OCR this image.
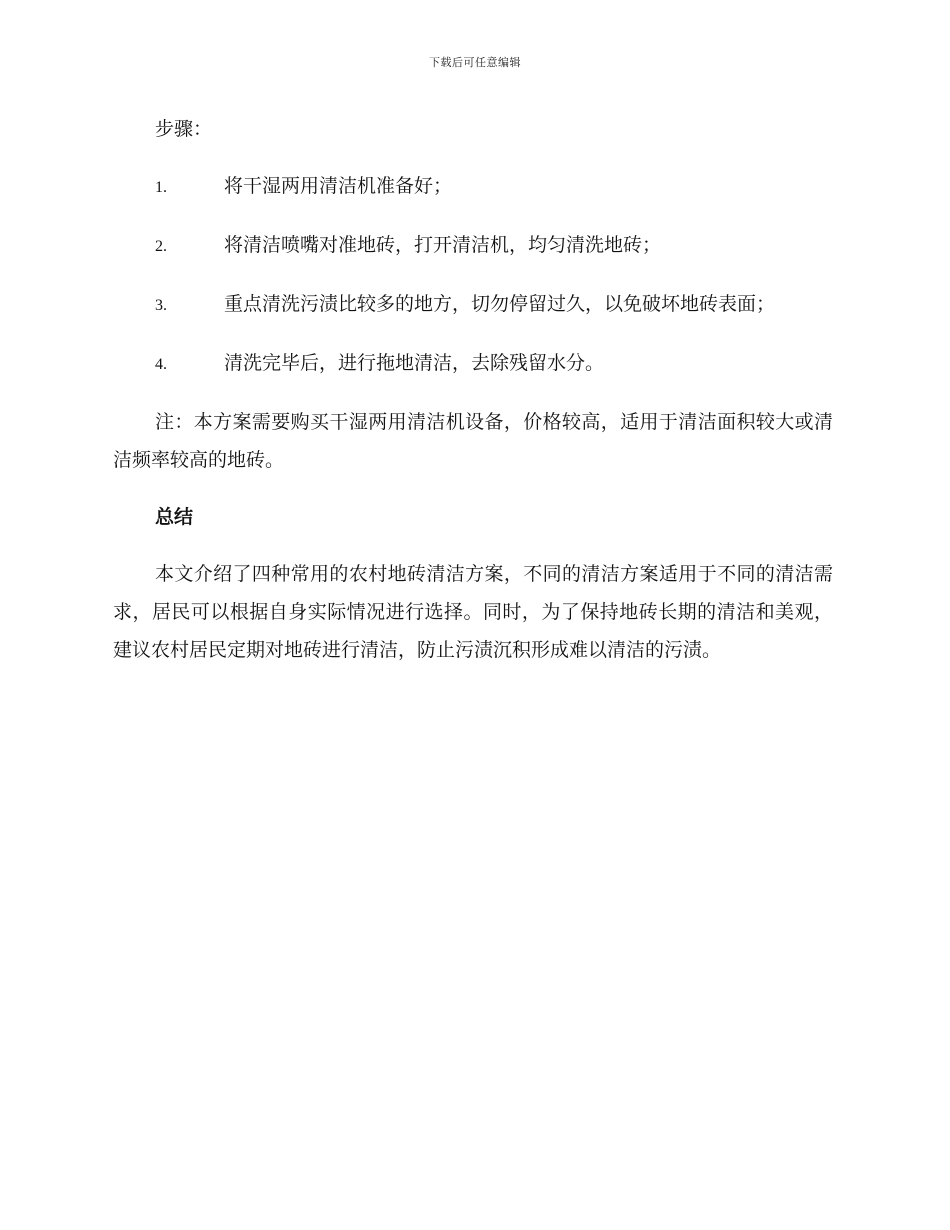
下载后可任意编辑

步骤：

1.	将干湿两用清洁机准备好；

2.	将清洁喷嘴对准地砖，打开清洁机，均匀清洗地砖；

3.	重点清洗污渍比较多的地方，切勿停留过久，以免破坏地砖表面；

4.	清洗完毕后，进行拖地清洁，去除残留水分。

注：本方案需要购买干湿两用清洁机设备，价格较高，适用于清洁面积较大或清洁频率较高的地砖。

总结

本文介绍了四种常用的农村地砖清洁方案，不同的清洁方案适用于不同的清洁需求，居民可以根据自身实际情况进行选择。同时，为了保持地砖长期的清洁和美观，建议农村居民定期对地砖进行清洁，防止污渍沉积形成难以清洁的污渍。
